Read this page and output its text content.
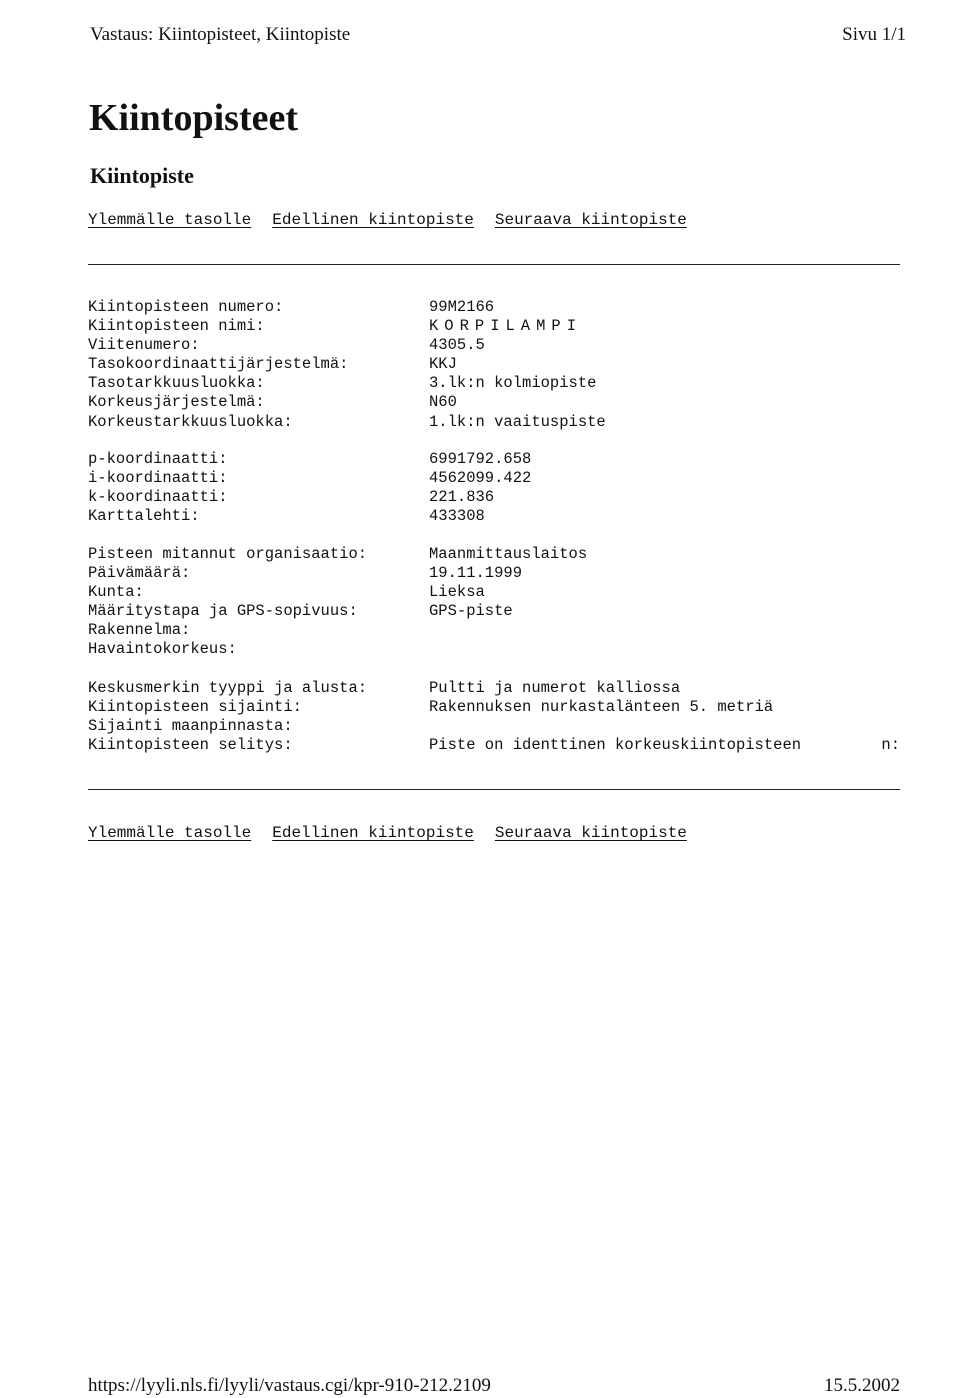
Vastaus: Kiintopisteet, Kiintopiste	Sivu 1/1
Kiintopisteet
Kiintopiste
Ylemmälle tasolle Edellinen kiintopiste Seuraava kiintopiste
Kiintopisteen numero:	99M2166
Kiintopisteen nimi:	KORPILAMPI
Viitenumero:	4305.5
Tasokoordinaattijärjestelmä:	KKJ
Tasotarkkuusluokka:	3.lk:n kolmiopiste
Korkeusjärjestelmä:	N60
Korkeustarkkuusluokka:	1.lk:n vaaituspiste
p-koordinaatti:	6991792.658
i-koordinaatti:	4562099.422
k-koordinaatti:	221.836
Karttalehti:	433308
Pisteen mitannut organisaatio:	Maanmittauslaitos
Päivämäärä:	19.11.1999
Kunta:	Lieksa
Määritystapa ja GPS-sopivuus:	GPS-piste
Rakennelma:
Havaintokorkeus:
Keskusmerkin tyyppi ja alusta:	Pultti ja numerot kalliossa
Kiintopisteen sijainti:	Rakennuksen nurkastalänteen 5. metriä
Sijainti maanpinnasta:
Kiintopisteen selitys:	Piste on identtinen korkeuskiintopisteen	n:
Ylemmälle tasolle Edellinen kiintopiste Seuraava kiintopiste
https://lyyli.nls.fi/lyyli/vastaus.cgi/kpr-910-212.2109	15.5.2002
